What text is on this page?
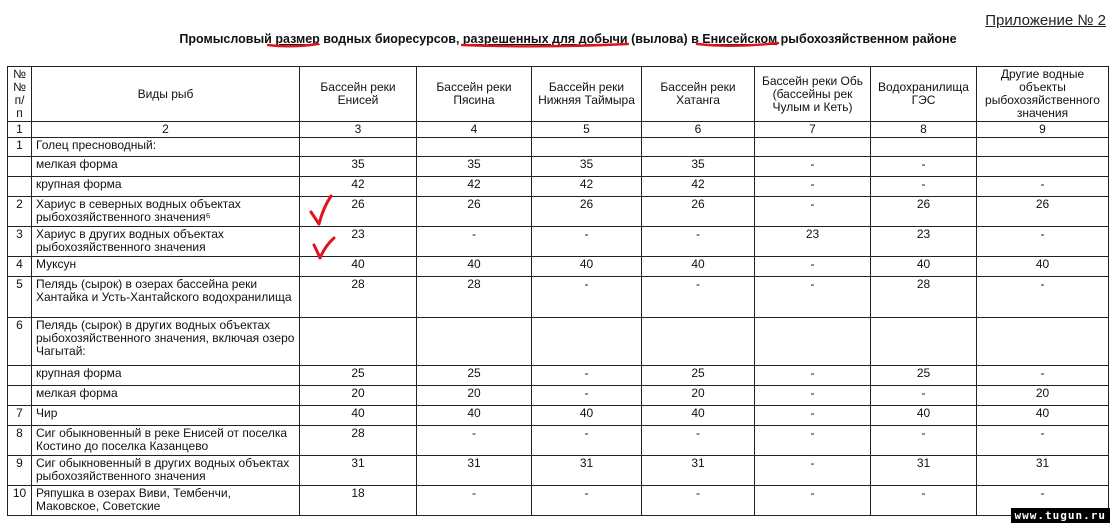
Приложение № 2
Промысловый размер водных биоресурсов, разрешенных для добычи (вылова) в Енисейском рыбохозяйственном районе
№ № п/п	Виды рыб	Бассейн реки Енисей	Бассейн реки Пясина	Бассейн реки Нижняя Таймыра	Бассейн реки Хатанга	Бассейн реки Обь (бассейны рек Чулым и Кеть)	Водохранилища ГЭС	Другие водные объекты рыбохозяйственного значения
1	2	3	4	5	6	7	8	9
1	Голец пресноводный:							
	мелкая форма	35	35	35	35	-	-	
	крупная форма	42	42	42	42	-	-	-
2	Хариус в северных водных объектах рыбохозяйственного значения⁶	26	26	26	26	-	26	26
3	Хариус в других водных объектах рыбохозяйственного значения	23	-	-	-	23	23	-
4	Муксун	40	40	40	40	-	40	40
5	Пелядь (сырок) в озерах бассейна реки Хантайка и Усть-Хантайского водохранилища	28	28	-	-	-	28	-
6	Пелядь (сырок) в других водных объектах рыбохозяйственного значения, включая озеро Чагытай:							
	крупная форма	25	25	-	25	-	25	-
	мелкая форма	20	20	-	20	-	-	20
7	Чир	40	40	40	40	-	40	40
8	Сиг обыкновенный в реке Енисей от поселка Костино до поселка Казанцево	28	-	-	-	-	-	-
9	Сиг обыкновенный в других водных объектах рыбохозяйственного значения	31	31	31	31	-	31	31
10	Ряпушка в озерах Виви, Тембенчи, Маковское, Советские	18	-	-	-	-	-	-
www.tugun.ru
